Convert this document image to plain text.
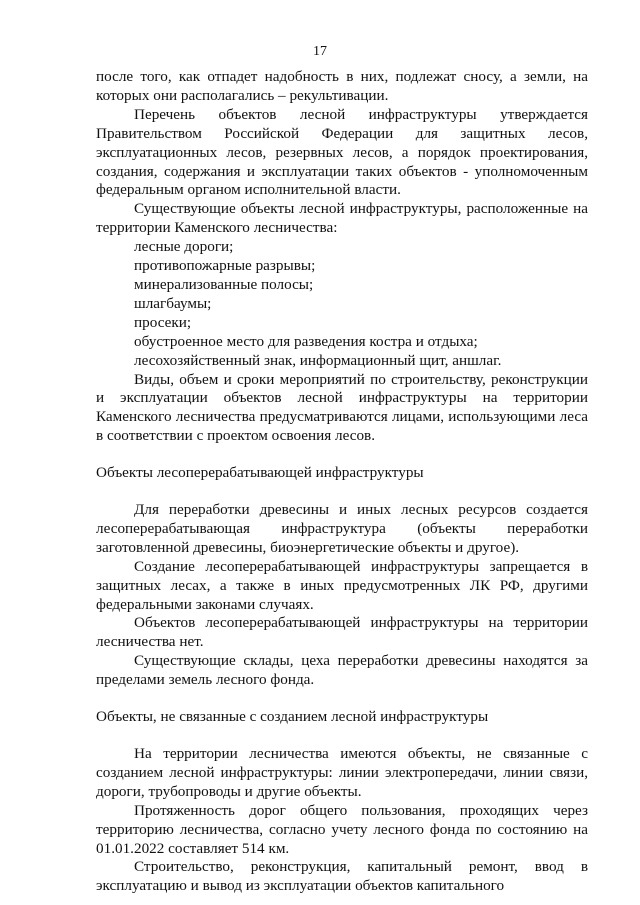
17

после того, как отпадет надобность в них, подлежат сносу, а земли, на которых они располагались – рекультивации.

Перечень объектов лесной инфраструктуры утверждается Правительством Российской Федерации для защитных лесов, эксплуатационных лесов, резервных лесов, а порядок проектирования, создания, содержания и эксплуатации таких объектов - уполномоченным федеральным органом исполнительной власти.

Существующие объекты лесной инфраструктуры, расположенные на территории Каменского лесничества:

лесные дороги;
противопожарные разрывы;
минерализованные полосы;
шлагбаумы;
просеки;
обустроенное место для разведения костра и отдыха;
лесохозяйственный знак, информационный щит, аншлаг.

Виды, объем и сроки мероприятий по строительству, реконструкции и эксплуатации объектов лесной инфраструктуры на территории Каменского лесничества предусматриваются лицами, использующими леса в соответствии с проектом освоения лесов.

Объекты лесоперерабатывающей инфраструктуры

Для переработки древесины и иных лесных ресурсов создается лесоперерабатывающая инфраструктура (объекты переработки заготовленной древесины, биоэнергетические объекты и другое).

Создание лесоперерабатывающей инфраструктуры запрещается в защитных лесах, а также в иных предусмотренных ЛК РФ, другими федеральными законами случаях.

Объектов лесоперерабатывающей инфраструктуры на территории лесничества нет.

Существующие склады, цеха переработки древесины находятся за пределами земель лесного фонда.

Объекты, не связанные с созданием лесной инфраструктуры

На территории лесничества имеются объекты, не связанные с созданием лесной инфраструктуры: линии электропередачи, линии связи, дороги, трубопроводы и другие объекты.

Протяженность дорог общего пользования, проходящих через территорию лесничества, согласно учету лесного фонда по состоянию на 01.01.2022 составляет 514 км.

Строительство, реконструкция, капитальный ремонт, ввод в эксплуатацию и вывод из эксплуатации объектов капитального
